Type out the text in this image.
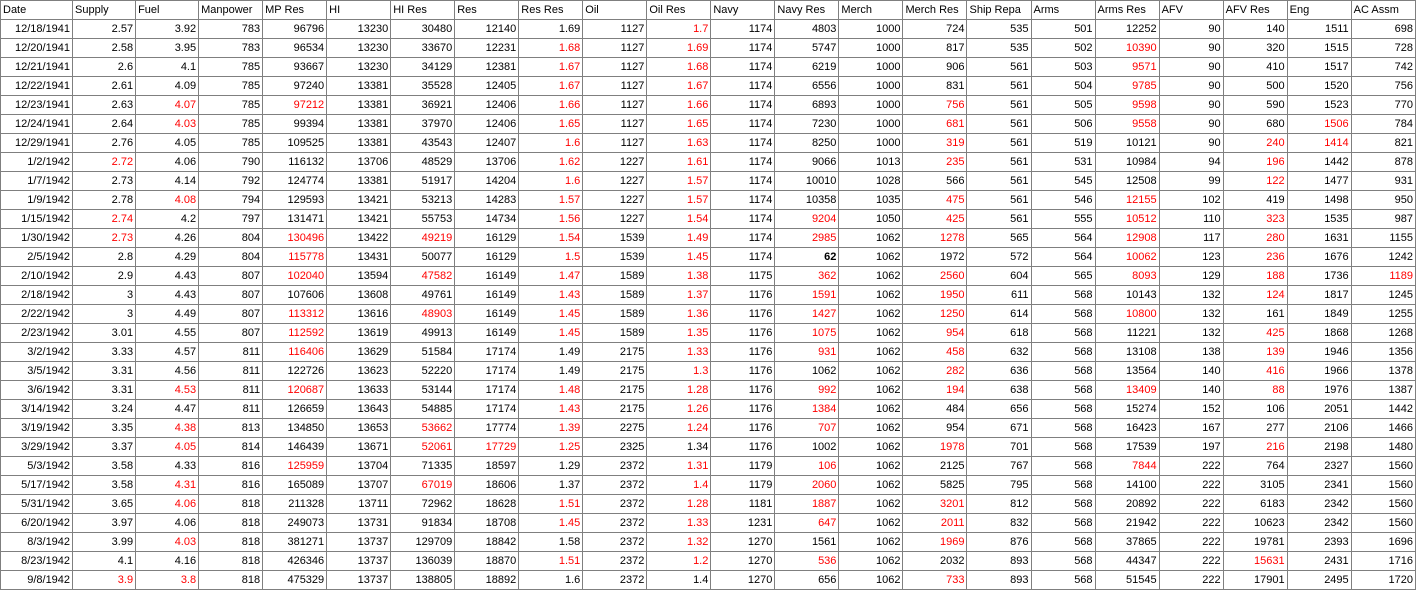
Date	Supply	Fuel	Manpower	MP Res	HI	HI Res	Res	Res Res	Oil	Oil Res	Navy	Navy Res	Merch	Merch Res	Ship Repa	Arms	Arms Res	AFV	AFV Res	Eng	AC Assm
12/18/1941	2.57	3.92	783	96796	13230	30480	12140	1.69	1127	1.7	1174	4803	1000	724	535	501	12252	90	140	1511	698
12/20/1941	2.58	3.95	783	96534	13230	33670	12231	1.68	1127	1.69	1174	5747	1000	817	535	502	10390	90	320	1515	728
12/21/1941	2.6	4.1	785	93667	13230	34129	12381	1.67	1127	1.68	1174	6219	1000	906	561	503	9571	90	410	1517	742
12/22/1941	2.61	4.09	785	97240	13381	35528	12405	1.67	1127	1.67	1174	6556	1000	831	561	504	9785	90	500	1520	756
12/23/1941	2.63	4.07	785	97212	13381	36921	12406	1.66	1127	1.66	1174	6893	1000	756	561	505	9598	90	590	1523	770
12/24/1941	2.64	4.03	785	99394	13381	37970	12406	1.65	1127	1.65	1174	7230	1000	681	561	506	9558	90	680	1506	784
12/29/1941	2.76	4.05	785	109525	13381	43543	12407	1.6	1127	1.63	1174	8250	1000	319	561	519	10121	90	240	1414	821
1/2/1942	2.72	4.06	790	116132	13706	48529	13706	1.62	1227	1.61	1174	9066	1013	235	561	531	10984	94	196	1442	878
1/7/1942	2.73	4.14	792	124774	13381	51917	14204	1.6	1227	1.57	1174	10010	1028	566	561	545	12508	99	122	1477	931
1/9/1942	2.78	4.08	794	129593	13421	53213	14283	1.57	1227	1.57	1174	10358	1035	475	561	546	12155	102	419	1498	950
1/15/1942	2.74	4.2	797	131471	13421	55753	14734	1.56	1227	1.54	1174	9204	1050	425	561	555	10512	110	323	1535	987
1/30/1942	2.73	4.26	804	130496	13422	49219	16129	1.54	1539	1.49	1174	2985	1062	1278	565	564	12908	117	280	1631	1155
2/5/1942	2.8	4.29	804	115778	13431	50077	16129	1.5	1539	1.45	1174	62	1062	1972	572	564	10062	123	236	1676	1242
2/10/1942	2.9	4.43	807	102040	13594	47582	16149	1.47	1589	1.38	1175	362	1062	2560	604	565	8093	129	188	1736	1189
2/18/1942	3	4.43	807	107606	13608	49761	16149	1.43	1589	1.37	1176	1591	1062	1950	611	568	10143	132	124	1817	1245
2/22/1942	3	4.49	807	113312	13616	48903	16149	1.45	1589	1.36	1176	1427	1062	1250	614	568	10800	132	161	1849	1255
2/23/1942	3.01	4.55	807	112592	13619	49913	16149	1.45	1589	1.35	1176	1075	1062	954	618	568	11221	132	425	1868	1268
3/2/1942	3.33	4.57	811	116406	13629	51584	17174	1.49	2175	1.33	1176	931	1062	458	632	568	13108	138	139	1946	1356
3/5/1942	3.31	4.56	811	122726	13623	52220	17174	1.49	2175	1.3	1176	1062	1062	282	636	568	13564	140	416	1966	1378
3/6/1942	3.31	4.53	811	120687	13633	53144	17174	1.48	2175	1.28	1176	992	1062	194	638	568	13409	140	88	1976	1387
3/14/1942	3.24	4.47	811	126659	13643	54885	17174	1.43	2175	1.26	1176	1384	1062	484	656	568	15274	152	106	2051	1442
3/19/1942	3.35	4.38	813	134850	13653	53662	17774	1.39	2275	1.24	1176	707	1062	954	671	568	16423	167	277	2106	1466
3/29/1942	3.37	4.05	814	146439	13671	52061	17729	1.25	2325	1.34	1176	1002	1062	1978	701	568	17539	197	216	2198	1480
5/3/1942	3.58	4.33	816	125959	13704	71335	18597	1.29	2372	1.31	1179	106	1062	2125	767	568	7844	222	764	2327	1560
5/17/1942	3.58	4.31	816	165089	13707	67019	18606	1.37	2372	1.4	1179	2060	1062	5825	795	568	14100	222	3105	2341	1560
5/31/1942	3.65	4.06	818	211328	13711	72962	18628	1.51	2372	1.28	1181	1887	1062	3201	812	568	20892	222	6183	2342	1560
6/20/1942	3.97	4.06	818	249073	13731	91834	18708	1.45	2372	1.33	1231	647	1062	2011	832	568	21942	222	10623	2342	1560
8/3/1942	3.99	4.03	818	381271	13737	129709	18842	1.58	2372	1.32	1270	1561	1062	1969	876	568	37865	222	19781	2393	1696
8/23/1942	4.1	4.16	818	426346	13737	136039	18870	1.51	2372	1.2	1270	536	1062	2032	893	568	44347	222	15631	2431	1716
9/8/1942	3.9	3.8	818	475329	13737	138805	18892	1.6	2372	1.4	1270	656	1062	733	893	568	51545	222	17901	2495	1720
